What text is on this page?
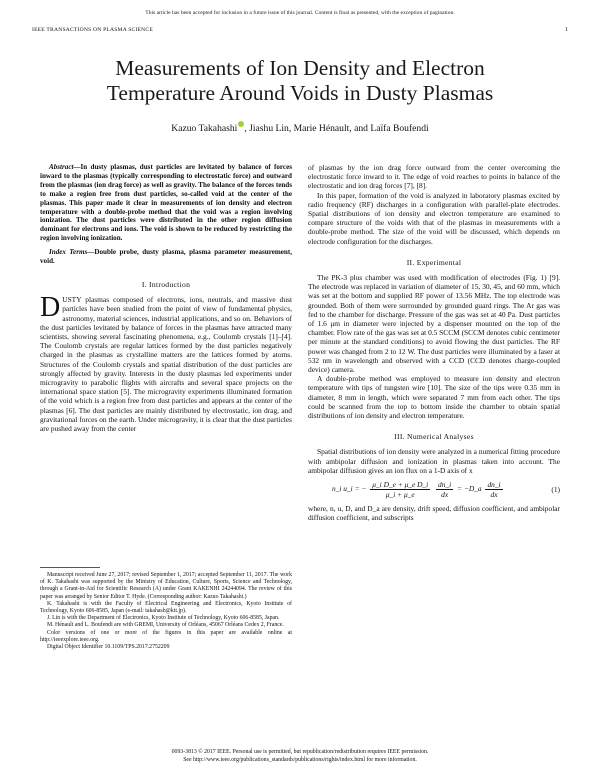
This article has been accepted for inclusion in a future issue of this journal. Content is final as presented, with the exception of pagination.
IEEE TRANSACTIONS ON PLASMA SCIENCE	1
Measurements of Ion Density and Electron
Temperature Around Voids in Dusty Plasmas
Kazuo Takahashi , Jiashu Lin, Marie Hénault, and Laïfa Boufendi

Abstract—In dusty plasmas, dust particles are levitated by balance of forces inward to the plasmas (typically corresponding to electrostatic force) and outward from the plasmas (ion drag force) as well as gravity. The balance of the forces tends to make a region free from dust particles, so-called void at the center of the plasmas. This paper made it clear in measurements of ion density and electron temperature with a double-probe method that the void was a region involving ionization. The dust particles were distributed in the other region diffusion dominant for electrons and ions. The void is shown to be reduced by restricting the region involving ionization.

Index Terms—Double probe, dusty plasma, plasma parameter measurement, void.

I. Introduction

DUSTY plasmas composed of electrons, ions, neutrals, and massive dust particles have been studied from the point of view of fundamental physics, astronomy, material sciences, industrial applications, and so on. Behaviors of the dust particles levitated by balance of forces in the plasmas have attracted many scientists, showing several fascinating phenomena, e.g., Coulomb crystals [1]–[4]. The Coulomb crystals are regular lattices formed by the dust particles negatively charged in the plasmas as crystalline matters are the lattices formed by atoms. Structures of the Coulomb crystals and spatial distribution of the dust particles are strongly affected by gravity. Interests in the dusty plasmas led experiments under microgravity to parabolic flights with aircrafts and several space projects on the international space station [5]. The microgravity experiments illuminated formation of the void which is a region free from dust particles and appears at the center of the plasmas [6]. The dust particles are mainly distributed by electrostatic, ion drag, and gravitational forces on the earth. Under microgravity, it is clear that the dust particles are pushed away from the center

Manuscript received June 27, 2017; revised September 1, 2017; accepted September 11, 2017. The work of K. Takahashi was supported by the Ministry of Education, Culture, Sports, Science and Technology, through a Grant-in-Aid for Scientific Research (A) under Grant KAKENHI 24244094. The review of this paper was arranged by Senior Editor T. Hyde. (Corresponding author: Kazuo Takahashi.)

K. Takahashi is with the Faculty of Electrical Engineering and Electronics, Kyoto Institute of Technology, Kyoto 606-8585, Japan (e-mail: takahash@kit.jp).

J. Lin is with the Department of Electronics, Kyoto Institute of Technology, Kyoto 606-8585, Japan.

M. Hénault and L. Boufendi are with GREMI, University of Orléans, 45067 Orléans Cedex 2, France.

Color versions of one or more of the figures in this paper are available online at http://ieeexplore.ieee.org.

Digital Object Identifier 10.1109/TPS.2017.2752209

of plasmas by the ion drag force outward from the center overcoming the electrostatic force inward to it. The edge of void reaches to points in balance of the electrostatic and ion drag forces [7], [8].

In this paper, formation of the void is analyzed in laboratory plasmas excited by radio frequency (RF) discharges in a configuration with parallel-plate electrodes. Spatial distributions of ion density and electron temperature are examined to compare structure of the voids with that of the plasmas in measurements with a double-probe method. The size of the void will be discussed, which depends on electrode configuration for the discharges.

II. Experimental

The PK-3 plus chamber was used with modification of electrodes (Fig. 1) [9]. The electrode was replaced in variation of diameter of 15, 30, 45, and 60 mm, which was set at the bottom and supplied RF power of 13.56 MHz. The top electrode was grounded. Both of them were surrounded by grounded guard rings. The Ar gas was fed to the chamber for discharge. Pressure of the gas was set at 40 Pa. Dust particles of 1.6 μm in diameter were injected by a dispenser mounted on the top of the chamber. Flow rate of the gas was set at 0.5 SCCM (SCCM denotes cubic centimeter per minute at the standard conditions) to avoid flowing the dust particles. The RF power was changed from 2 to 12 W. The dust particles were illuminated by a laser at 532 nm in wavelength and observed with a CCD (CCD denotes charge-coupled device) camera.

A double-probe method was employed to measure ion density and electron temperature with tips of tungsten wire [10]. The size of the tips were 0.35 mm in diameter, 8 mm in length, which were separated 7 mm from each other. The tips could be scanned from the top to bottom inside the chamber to obtain spatial distributions of ion density and electron temperature.

III. Numerical Analyses

Spatial distributions of ion density were analyzed in a numerical fitting procedure with ambipolar diffusion and ionization in plasmas taken into account. The ambipolar diffusion gives an ion flux on a 1-D axis of x

n_i u_i = − $\frac{\text{μ\_i D\_e + μ\_e D\_i}}{\mu\_i + \mu\_e}$
$\frac{dn\_i}{dx}$ = −D_a $\frac{dn\_i}{dx}$	(1)

where, n, u, D, and D_a are density, drift speed, diffusion coefficient, and ambipolar diffusion coefficient, and subscripts

0093-3813 © 2017 IEEE. Personal use is permitted, but republication/redistribution requires IEEE permission.
See http://www.ieee.org/publications_standards/publications/rights/index.html for more information.
